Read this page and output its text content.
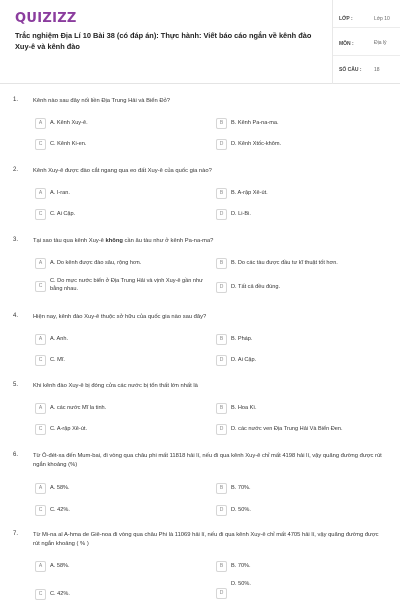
QUIZIZZ
Trắc nghiệm Địa Lí 10 Bài 38 (có đáp án): Thực hành: Viết báo cáo ngắn về kênh đào Xuy-ê và kênh đào
LỚP :	Lớp 10
MÔN :	Địa lý
SỐ CÂU :	18
1.	Kênh nào sau đây nối liền Địa Trung Hải và Biển Đỏ?
A	A. Kênh Xuy-ê.	B	B. Kênh Pa-na-ma.
C	C. Kênh Ki-en.	D	D. Kênh Xtốc-khôm.
2.	Kênh Xuy-ê được đào cắt ngang qua eo đất Xuy-ê của quốc gia nào?
A	A. I-ran.	B	B. A-rập Xê-út.
C	C. Ai Cập.	D	D. Li-Bi.
3.	Tại sao tàu qua kênh Xuy-ê không cần âu tàu như ở kênh Pa-na-ma?
A	A. Do kênh được đào sâu, rộng hơn.	B	B. Do các tàu được đầu tư kĩ thuật tốt hơn.
C
C. Do mực nước biển ở Địa Trung Hải và vịnh Xuy-ê gần như bằng nhau.	D	D. Tất cả đều đúng.
4.	Hiện nay, kênh đào Xuy-ê thuộc sở hữu của quốc gia nào sau đây?
A	A. Anh.	B	B. Pháp.
C	C. Mĩ.	D	D. Ai Cập.
5.	Khi kênh đào Xuy-ê bị đóng cửa các nước bị tổn thất lớn nhất là
A	A. các nước Mĩ la tinh.	B	B. Hoa Kì.
C	C. A-rập Xê-út.	D	D. các nước ven Địa Trung Hải Và Biển Đen.
6.	Từ Ô-đét-xa đến Mum-bai, đi vòng qua châu phi mất 11818 hải lí, nếu đi qua kênh Xuy-ê chỉ mất 4198 hải lí, vậy quãng đường được rút ngắn khoảng (%)
A	A. 58%.	B	B. 70%.
C	C. 42%.	D	D. 50%.
7.	Từ Mi-na al A-hma de Giê-noa đi vòng qua châu Phi là 11069 hải lí, nếu đi qua kênh Xuy-ê chỉ mất 4705 hải lí, vậy quãng đường được rút ngắn khoảng ( % )
A	A. 58%.	B	B. 70%.
C	C. 42%.	D
D. 50%.
